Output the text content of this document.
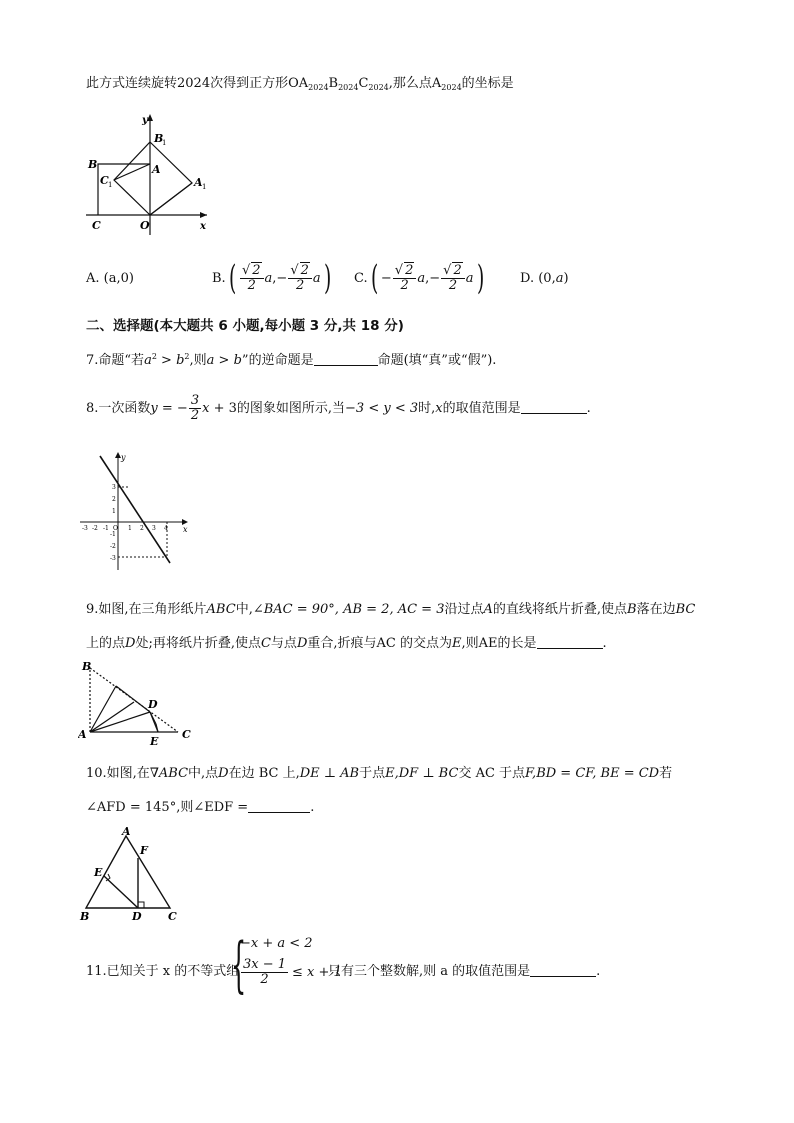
此方式连续旋转2024次得到正方形$OA_{2024}B_{2024}C_{2024}$,那么点$A_{2024}$的坐标是
y
B
1
B	A
C 1	A 1
C	O	x
A. (a,0)	B. ( $\frac{√ 2}{2}$ a ,− $\frac{√ 2}{2}$ a ) C. ( − $\frac{√ 2}{2}$ a ,− $\frac{√ 2}{2}$ a )	D. (0, a )
二、选择题(本大题共 6 小题,每小题 3 分,共 18 分)
7.命题“若$a^2 > b^2$,则a > b”的逆命题是	命题(填“真”或“假”).
8.一次函数y = − $\frac{3}{2}$ x + 3的图象如图所示,当−3 < y < 3时,x的取值范围是	.
y
x
-3 -2 -1 O 1 2 3 4
3
2
1
-1
-2
-3
9.如图,在三角形纸片ABC中,∠BAC = 90°, AB = 2, AC = 3沿过点A的直线将纸片折叠,使点B落在边BC
上的点D处;再将纸片折叠,使点C与点D重合,折痕与AC 的交点为E,则AE的长是	.
B
D
A
E
C
10.如图,在∇ABC中,点D在边 BC 上,DE ⊥ AB于点E,DF ⊥ BC交 AC 于点F,BD = CF, BE = CD若
∠AFD = 145°,则∠EDF =	.
A
F
E
B	D C
11.已知关于 x 的不等式组
{
−x + a < 2
$\frac{3x - 1}{2} \le x + 1$
只有三个整数解,则 a 的取值范围是	.
